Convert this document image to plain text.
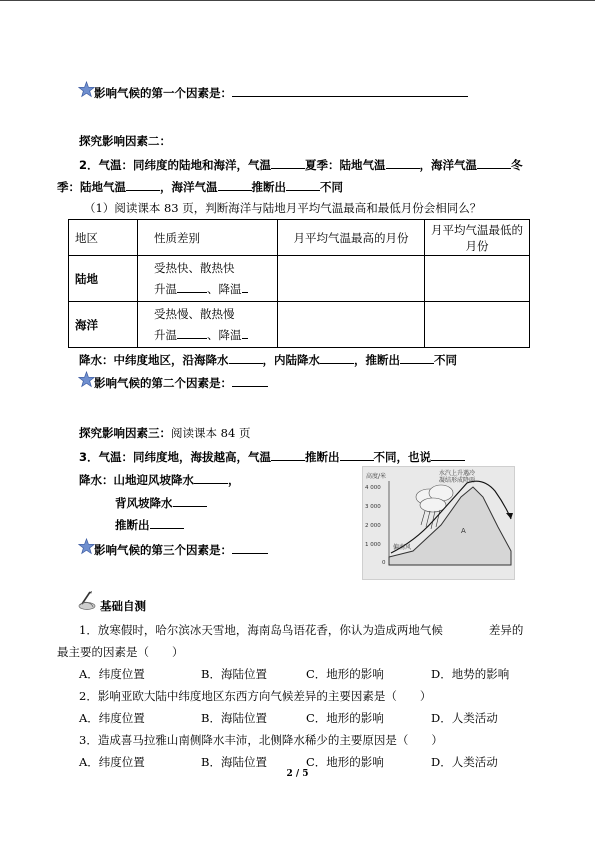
影响气候的第一个因素是：
探究影响因素二：
2．气温：同纬度的陆地和海洋，气温	夏季：陆地气温	，海洋气温	冬
季：陆地气温	，海洋气温	推断出	不同
（1）阅读课本 83 页，判断海洋与陆地月平均气温最高和最低月份会相同么？
地区	性质差别	月平均气温最高的月份	月平均气温最低的月份
陆地	受热快、散热快
升温 、降温		

海洋	受热慢、散热慢
升温 、降温		

降水：中纬度地区，沿海降水	，内陆降水	，推断出	不同
影响气候的第二个因素是：
探究影响因素三：阅读课本 84 页
3．气温：同纬度地，海拔越高，气温	推断出	不同，也说
降水：山地迎风坡降水	，
背风坡降水
推断出
影响气候的第三个因素是：
高度/米
4 000
3 000
2 000
1 000
0
水汽上升遇冷
凝结形成降雨
偏南风
A
基础自测
1．放寒假时，哈尔滨冰天雪地，海南岛鸟语花香，你认为造成两地气候	差异的
最主要的因素是（　　）
A．纬度位置	B．海陆位置	C．地形的影响	D．地势的影响
2．影响亚欧大陆中纬度地区东西方向气候差异的主要因素是（　　）
A．纬度位置	B．海陆位置	C．地形的影响	D．人类活动
3．造成喜马拉雅山南侧降水丰沛，北侧降水稀少的主要原因是（　　）
A．纬度位置	B．海陆位置	C．地形的影响	D．人类活动
2 / 5
